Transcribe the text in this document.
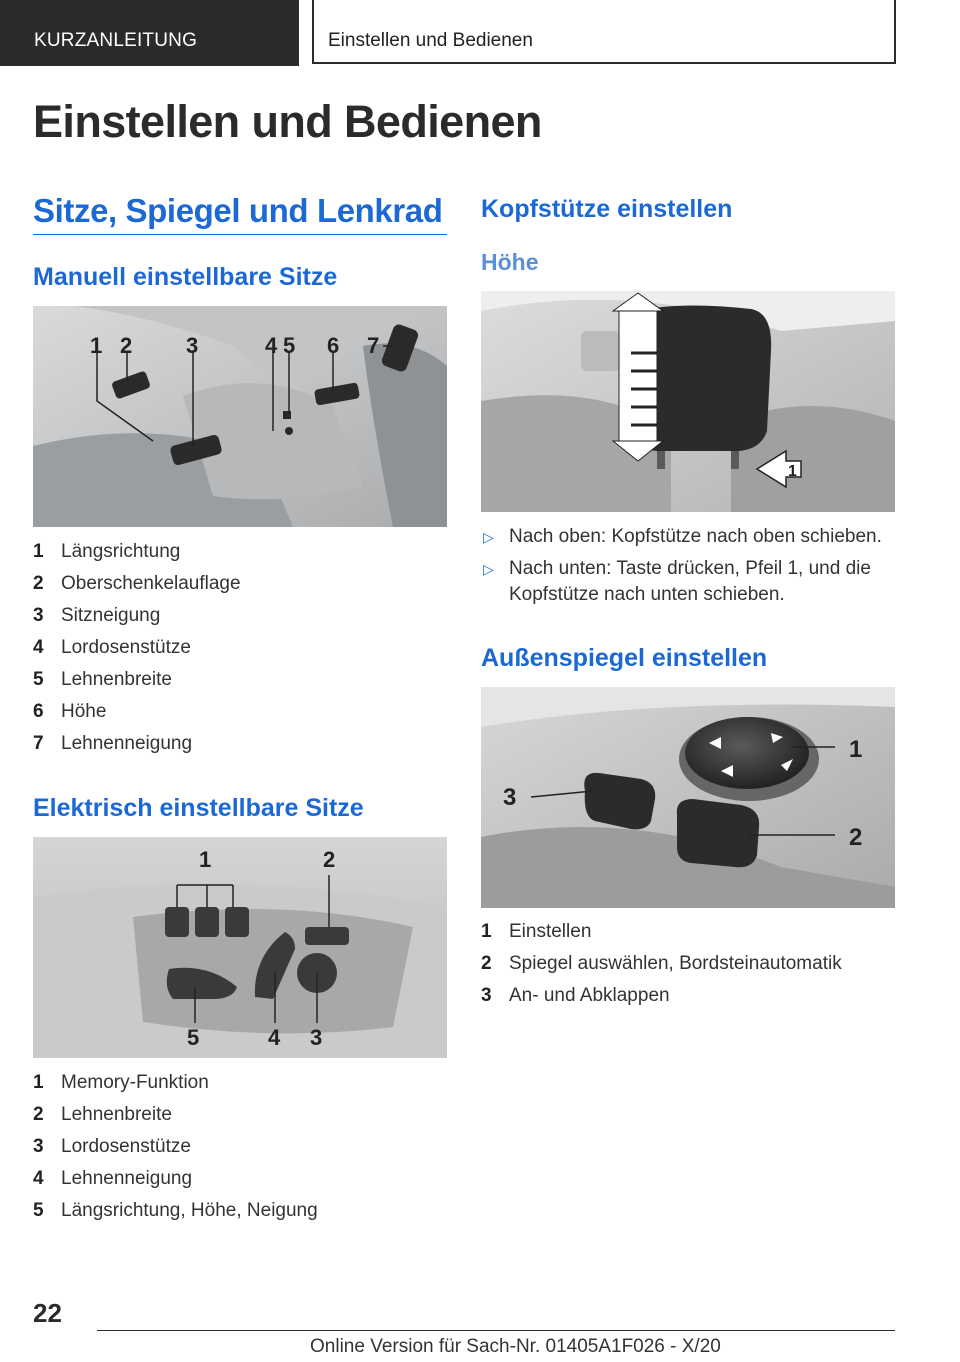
KURZANLEITUNG	Einstellen und Bedienen
Einstellen und Bedienen
Sitze, Spiegel und Lenkrad
Manuell einstellbare Sitze
1 2 3	4 5 6 7
1 Längsrichtung
2 Oberschenkelauflage
3 Sitzneigung
4 Lordosenstütze
5 Lehnenbreite
6 Höhe
7 Lehnenneigung
Elektrisch einstellbare Sitze
1	2
5	4 3
1 Memory-Funktion
2 Lehnenbreite
3 Lordosenstütze
4 Lehnenneigung
5 Längsrichtung, Höhe, Neigung
Kopfstütze einstellen
Höhe
1
▷ Nach oben: Kopfstütze nach oben schieben.
▷ Nach unten: Taste drücken, Pfeil 1, und die Kopfstütze nach unten schieben.
Außenspiegel einstellen
1
2
3
1 Einstellen
2 Spiegel auswählen, Bordsteinautomatik
3 An- und Abklappen
22
Online Version für Sach-Nr. 01405A1F026 - X/20
